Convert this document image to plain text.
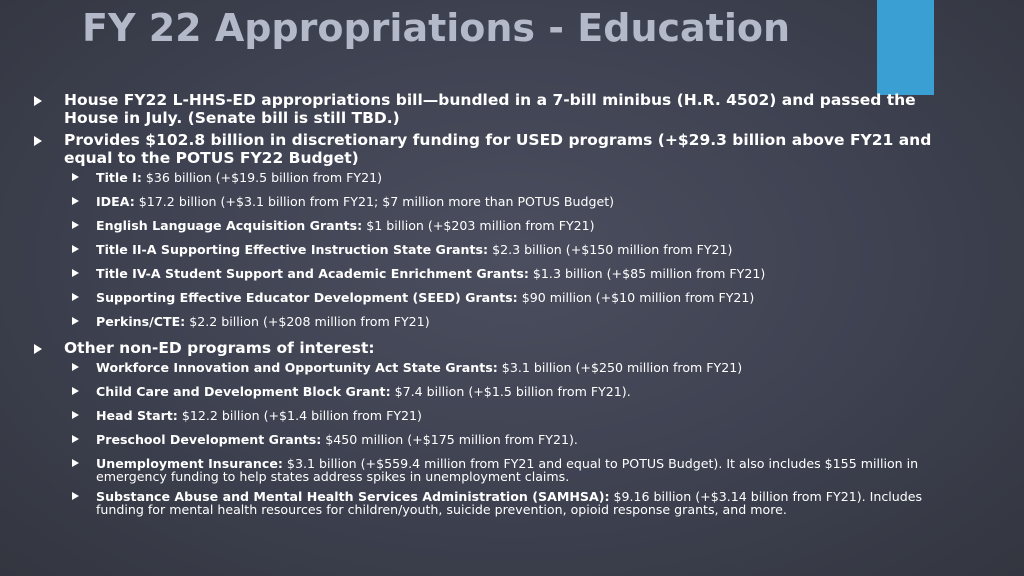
FY 22 Appropriations - Education
House FY22 L-HHS-ED appropriations bill—bundled in a 7-bill minibus (H.R. 4502) and passed the House in July. (Senate bill is still TBD.)
Provides $102.8 billion in discretionary funding for USED programs (+$29.3 billion above FY21 and equal to the POTUS FY22 Budget)
Title I: $36 billion (+$19.5 billion from FY21)
IDEA: $17.2 billion (+$3.1 billion from FY21; $7 million more than POTUS Budget)
English Language Acquisition Grants: $1 billion (+$203 million from FY21)
Title II-A Supporting Effective Instruction State Grants: $2.3 billion (+$150 million from FY21)
Title IV-A Student Support and Academic Enrichment Grants: $1.3 billion (+$85 million from FY21)
Supporting Effective Educator Development (SEED) Grants: $90 million (+$10 million from FY21)
Perkins/CTE: $2.2 billion (+$208 million from FY21)
Other non-ED programs of interest:
Workforce Innovation and Opportunity Act State Grants: $3.1 billion (+$250 million from FY21)
Child Care and Development Block Grant: $7.4 billion (+$1.5 billion from FY21).
Head Start: $12.2 billion (+$1.4 billion from FY21)
Preschool Development Grants: $450 million (+$175 million from FY21).
Unemployment Insurance: $3.1 billion (+$559.4 million from FY21 and equal to POTUS Budget). It also includes $155 million in emergency funding to help states address spikes in unemployment claims.
Substance Abuse and Mental Health Services Administration (SAMHSA): $9.16 billion (+$3.14 billion from FY21). Includes funding for mental health resources for children/youth, suicide prevention, opioid response grants, and more.
